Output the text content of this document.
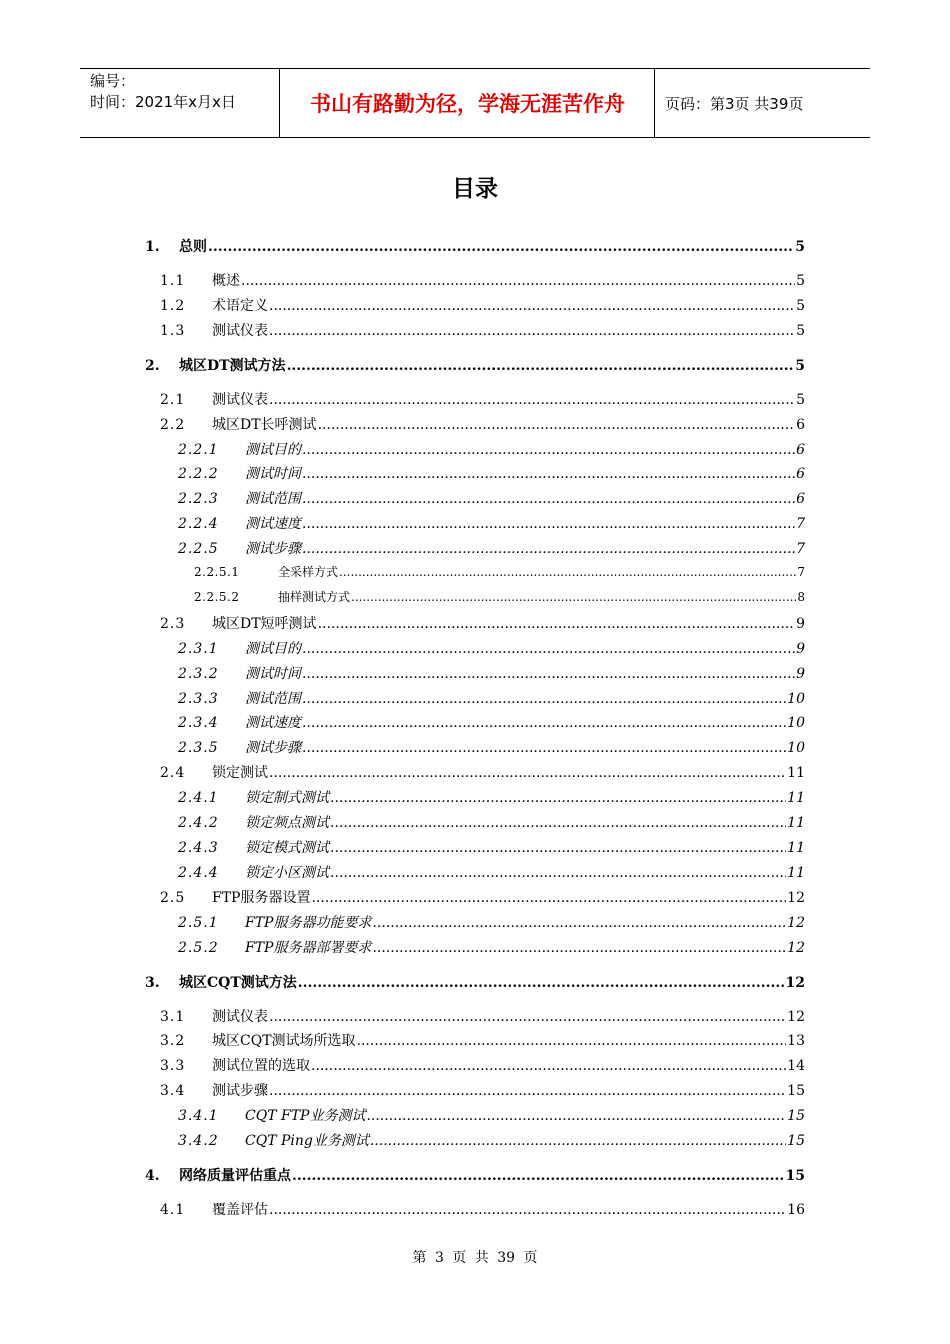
编号：
时间：2021年x月x日	书山有路勤为径，学海无涯苦作舟	页码：第3页 共39页
目录
1.	总则 .....	5
1.1	概述 .....	5
1.2	术语定义 .....	5
1.3	测试仪表 .....	5
2.	城区DT测试方法 .....	5
2.1	测试仪表 .....	5
2.2	城区DT长呼测试 .....	6
2.2.1	测试目的 .....	6
2.2.2	测试时间 .....	6
2.2.3	测试范围 .....	6
2.2.4	测试速度 .....	7
2.2.5	测试步骤 .....	7
2.2.5.1	全采样方式 .....	7
2.2.5.2	抽样测试方式 .....	8
2.3	城区DT短呼测试 .....	9
2.3.1	测试目的 .....	9
2.3.2	测试时间 .....	9
2.3.3	测试范围 .....	10
2.3.4	测试速度 .....	10
2.3.5	测试步骤 .....	10
2.4	锁定测试 .....	11
2.4.1	锁定制式测试 .....	11
2.4.2	锁定频点测试 .....	11
2.4.3	锁定模式测试 .....	11
2.4.4	锁定小区测试 .....	11
2.5	FTP服务器设置 .....	12
2.5.1	FTP服务器功能要求 .....	12
2.5.2	FTP服务器部署要求 .....	12
3.	城区CQT测试方法 .....	12
3.1	测试仪表 .....	12
3.2	城区CQT测试场所选取 .....	13
3.3	测试位置的选取 .....	14
3.4	测试步骤 .....	15
3.4.1	CQT FTP业务测试 .....	15
3.4.2	CQT Ping业务测试 .....	15
4.	网络质量评估重点 .....	15
4.1	覆盖评估 .....	16
第 3 页 共 39 页
